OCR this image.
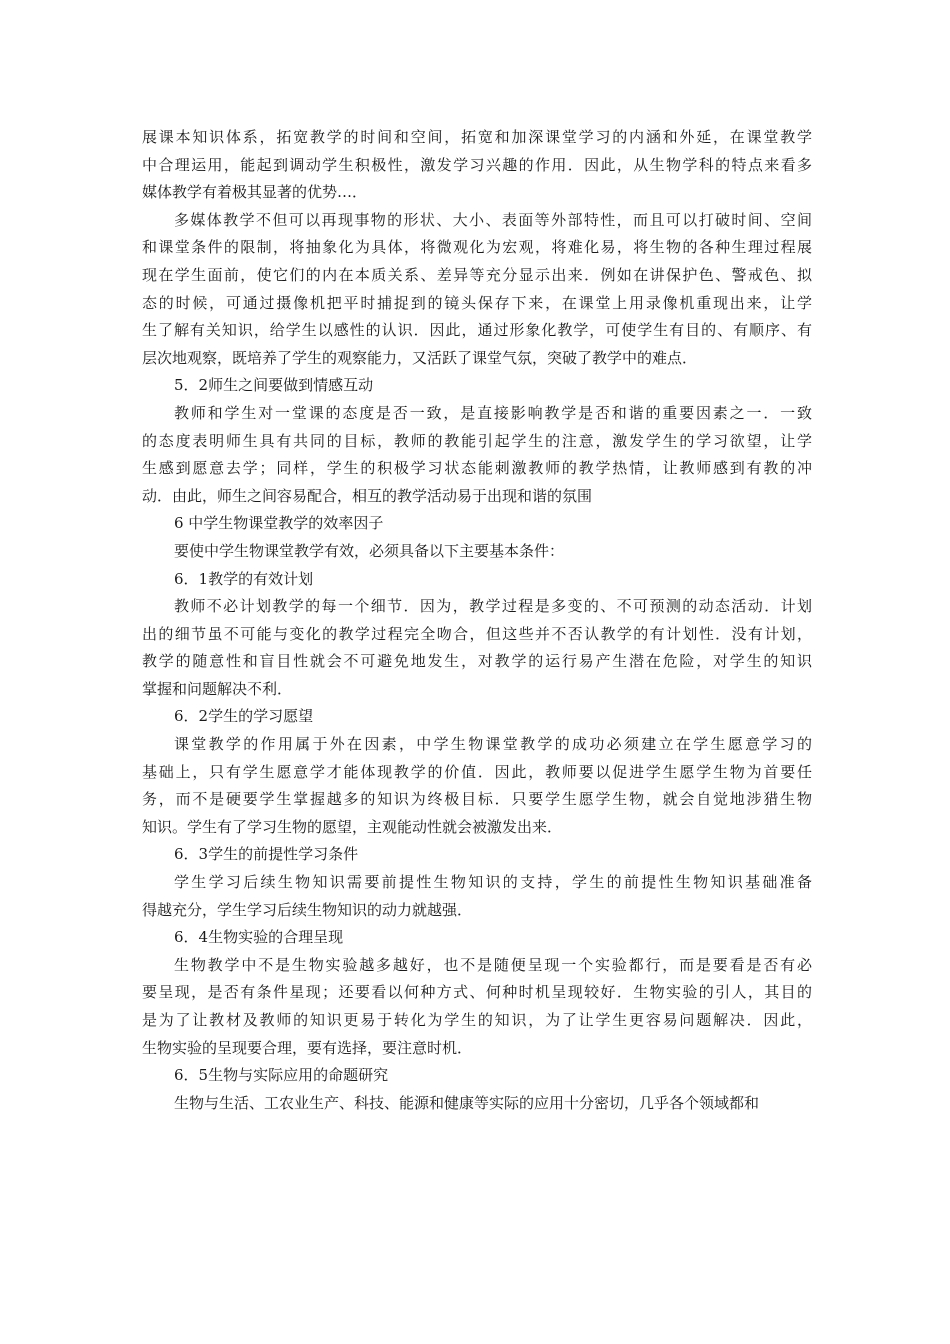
展课本知识体系，拓宽教学的时间和空间，拓宽和加深课堂学习的内涵和外延，在课堂教学
中合理运用，能起到调动学生积极性，激发学习兴趣的作用．因此，从生物学科的特点来看多
媒体教学有着极其显著的优势…．
多媒体教学不但可以再现事物的形状、大小、表面等外部特性，而且可以打破时间、空间
和课堂条件的限制，将抽象化为具体，将微观化为宏观，将难化易，将生物的各种生理过程展
现在学生面前，使它们的内在本质关系、差异等充分显示出来．例如在讲保护色、警戒色、拟
态的时候，可通过摄像机把平时捕捉到的镜头保存下来，在课堂上用录像机重现出来，让学
生了解有关知识，给学生以感性的认识．因此，通过形象化教学，可使学生有目的、有顺序、有
层次地观察，既培养了学生的观察能力，又活跃了课堂气氛，突破了教学中的难点．
5．2师生之间要做到情感互动
教师和学生对一堂课的态度是否一致，是直接影响教学是否和谐的重要因素之一．一致
的态度表明师生具有共同的目标，教师的教能引起学生的注意，激发学生的学习欲望，让学
生感到愿意去学；同样，学生的积极学习状态能刺激教师的教学热情，让教师感到有教的冲
动．由此，师生之间容易配合，相互的教学活动易于出现和谐的氛围
6 中学生物课堂教学的效率因子
要使中学生物课堂教学有效，必须具备以下主要基本条件：
6．1教学的有效计划
教师不必计划教学的每一个细节．因为，教学过程是多变的、不可预测的动态活动．计划
出的细节虽不可能与变化的教学过程完全吻合，但这些并不否认教学的有计划性．没有计划，
教学的随意性和盲目性就会不可避免地发生，对教学的运行易产生潜在危险，对学生的知识
掌握和问题解决不利．
6．2学生的学习愿望
课堂教学的作用属于外在因素，中学生物课堂教学的成功必须建立在学生愿意学习的
基础上，只有学生愿意学才能体现教学的价值．因此，教师要以促进学生愿学生物为首要任
务，而不是硬要学生掌握越多的知识为终极目标．只要学生愿学生物，就会自觉地涉猎生物
知识。学生有了学习生物的愿望，主观能动性就会被激发出来．
6．3学生的前提性学习条件
学生学习后续生物知识需要前提性生物知识的支持，学生的前提性生物知识基础准备
得越充分，学生学习后续生物知识的动力就越强．
6．4生物实验的合理呈现
生物教学中不是生物实验越多越好，也不是随便呈现一个实验都行，而是要看是否有必
要呈现，是否有条件星现；还要看以何种方式、何种时机呈现较好．生物实验的引人，其目的
是为了让教材及教师的知识更易于转化为学生的知识，为了让学生更容易问题解决．因此，
生物实验的呈现要合理，要有选择，要注意时机．
6．5生物与实际应用的命题研究
生物与生活、工农业生产、科技、能源和健康等实际的应用十分密切，几乎各个领域都和
